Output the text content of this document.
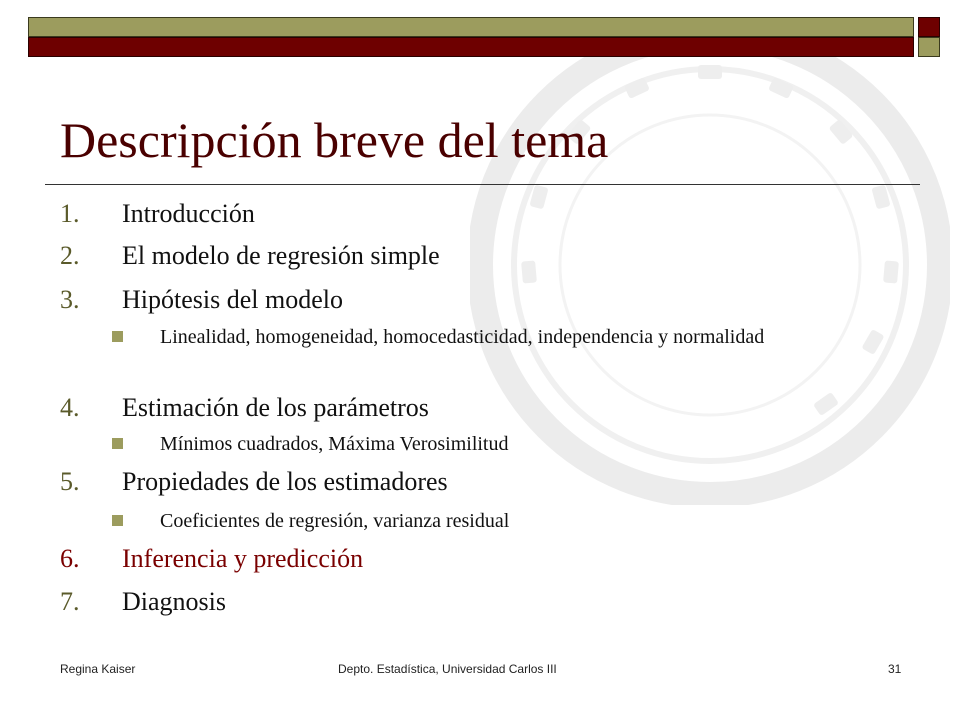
Descripción breve del tema
1. Introducción
2. El modelo de regresión simple
3. Hipótesis del modelo
Linealidad, homogeneidad, homocedasticidad, independencia y normalidad
4. Estimación de los parámetros
Mínimos cuadrados, Máxima Verosimilitud
5. Propiedades de los estimadores
Coeficientes de regresión, varianza residual
6. Inferencia y predicción
7. Diagnosis
Regina Kaiser	Depto. Estadística, Universidad Carlos III	31
